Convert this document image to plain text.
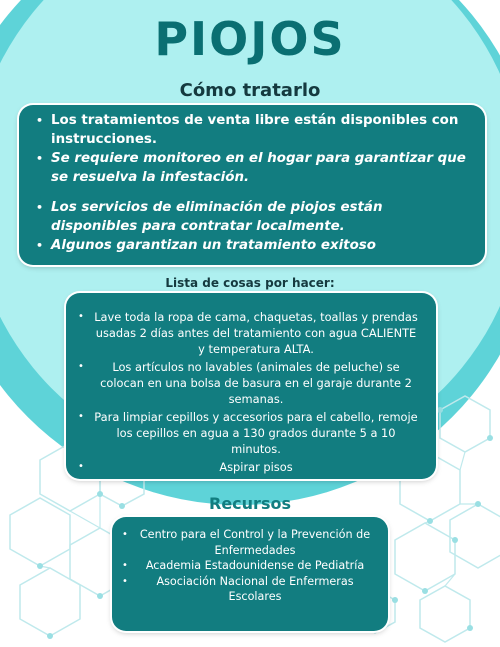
PIOJOS
Cómo tratarlo
• Los tratamientos de venta libre están disponibles con instrucciones.
• Se requiere monitoreo en el hogar para garantizar que se resuelva la infestación.
• Los servicios de eliminación de piojos están disponibles para contratar localmente.
• Algunos garantizan un tratamiento exitoso
Lista de cosas por hacer:
• Lave toda la ropa de cama, chaquetas, toallas y prendas usadas 2 días antes del tratamiento con agua CALIENTE y temperatura ALTA.
• Los artículos no lavables (animales de peluche) se colocan en una bolsa de basura en el garaje durante 2 semanas.
• Para limpiar cepillos y accesorios para el cabello, remoje los cepillos en agua a 130 grados durante 5 a 10 minutos.
• Aspirar pisos
Recursos
• Centro para el Control y la Prevención de Enfermedades
• Academia Estadounidense de Pediatría
• Asociación Nacional de Enfermeras Escolares
